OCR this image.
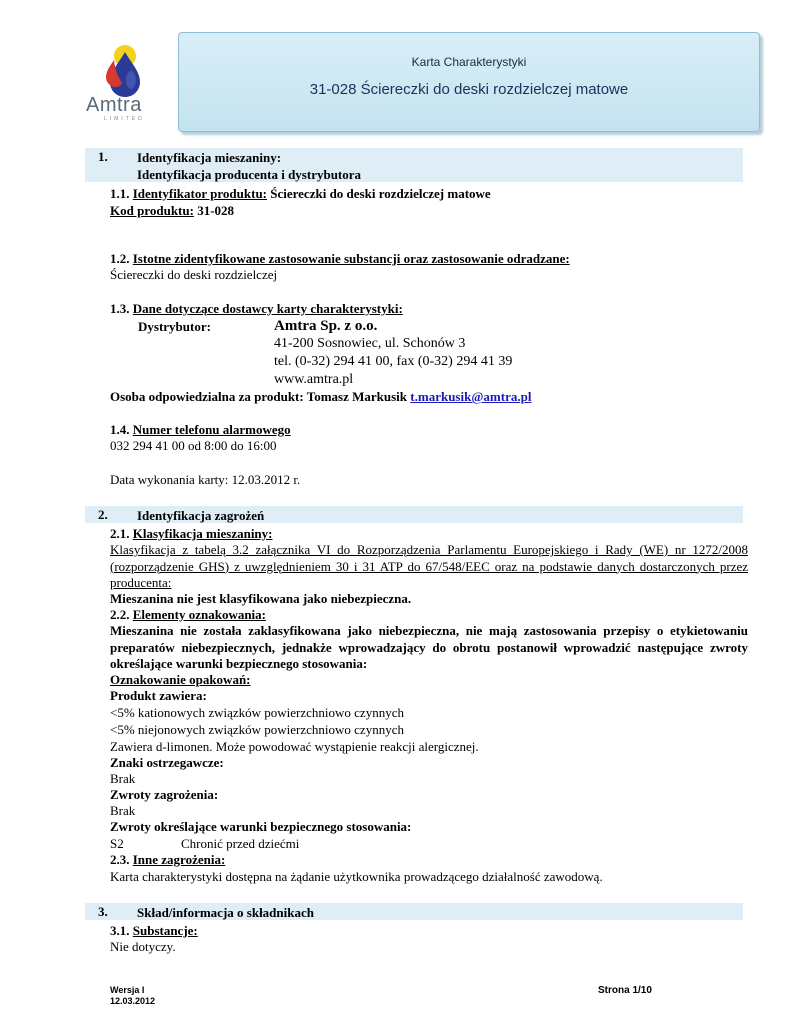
Amtra
LIMITED
Karta Charakterystyki
31-028 Ściereczki do deski rozdzielczej matowe
1. Identyfikacja mieszaniny:
Identyfikacja producenta i dystrybutora
1.1. Identyfikator produktu: Ściereczki do deski rozdzielczej matowe
Kod produktu: 31-028
1.2. Istotne zidentyfikowane zastosowanie substancji oraz zastosowanie odradzane:
Ściereczki do deski rozdzielczej
1.3. Dane dotyczące dostawcy karty charakterystyki:
Dystrybutor:	Amtra Sp. z o.o.
41-200 Sosnowiec, ul. Schonów 3
tel. (0-32) 294 41 00, fax (0-32) 294 41 39
www.amtra.pl
Osoba odpowiedzialna za produkt: Tomasz Markusik t.markusik@amtra.pl
1.4. Numer telefonu alarmowego
032 294 41 00 od 8:00 do 16:00
Data wykonania karty: 12.03.2012 r.
2. Identyfikacja zagrożeń
2.1. Klasyfikacja mieszaniny:
Klasyfikacja z tabelą 3.2 załącznika VI do Rozporządzenia Parlamentu Europejskiego i Rady (WE) nr 1272/2008 (rozporządzenie GHS) z uwzględnieniem 30 i 31 ATP do 67/548/EEC oraz na podstawie danych dostarczonych przez producenta:
Mieszanina nie jest klasyfikowana jako niebezpieczna.
2.2. Elementy oznakowania:
Mieszanina nie została zaklasyfikowana jako niebezpieczna, nie mają zastosowania przepisy o etykietowaniu preparatów niebezpiecznych, jednakże wprowadzający do obrotu postanowił wprowadzić następujące zwroty określające warunki bezpiecznego stosowania:
Oznakowanie opakowań:
Produkt zawiera:
<5% kationowych związków powierzchniowo czynnych
<5% niejonowych związków powierzchniowo czynnych
Zawiera d-limonen. Może powodować wystąpienie reakcji alergicznej.
Znaki ostrzegawcze:
Brak
Zwroty zagrożenia:
Brak
Zwroty określające warunki bezpiecznego stosowania:
S2	Chronić przed dziećmi
2.3. Inne zagrożenia:
Karta charakterystyki dostępna na żądanie użytkownika prowadzącego działalność zawodową.
3. Skład/informacja o składnikach
3.1. Substancje:
Nie dotyczy.
Wersja I
12.03.2012
Strona 1/10
